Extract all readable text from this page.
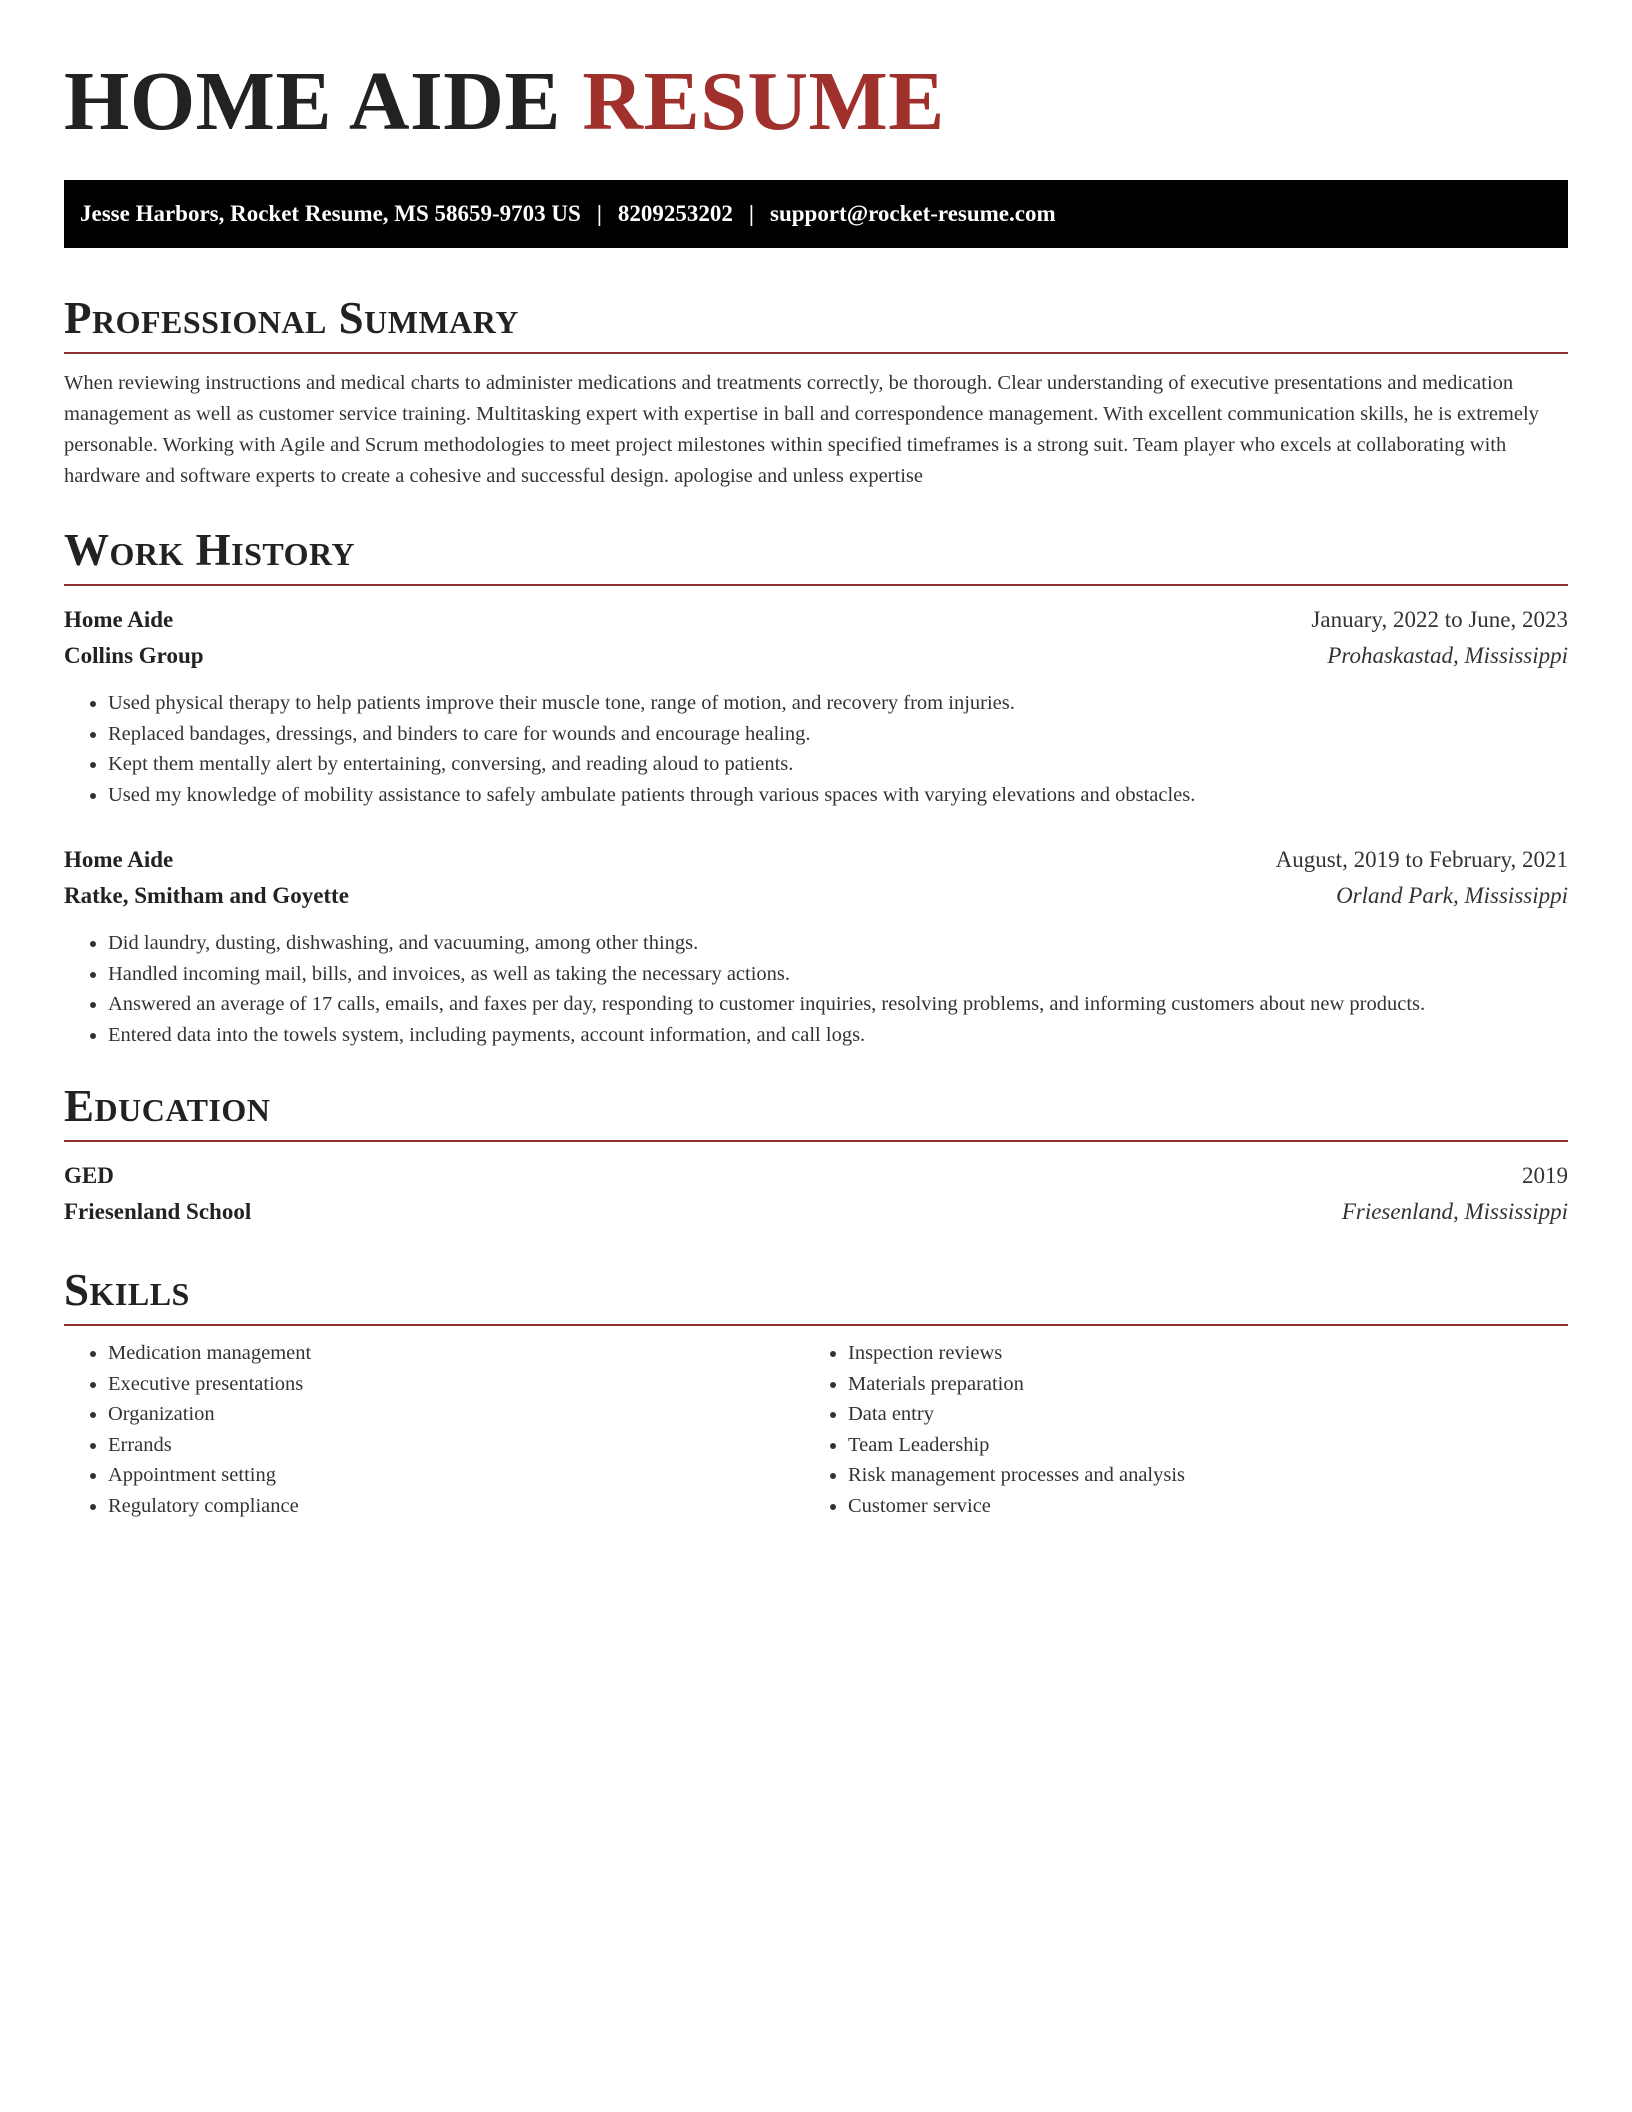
HOME AIDE RESUME
Jesse Harbors, Rocket Resume, MS 58659-9703 US | 8209253202 | support@rocket-resume.com
Professional Summary

When reviewing instructions and medical charts to administer medications and treatments correctly, be thorough. Clear understanding of executive presentations and medication management as well as customer service training. Multitasking expert with expertise in ball and correspondence management. With excellent communication skills, he is extremely personable. Working with Agile and Scrum methodologies to meet project milestones within specified timeframes is a strong suit. Team player who excels at collaborating with hardware and software experts to create a cohesive and successful design. apologise and unless expertise

Work History
Home Aide	January, 2022 to June, 2023
Collins Group	Prohaskastad, Mississippi
• Used physical therapy to help patients improve their muscle tone, range of motion, and recovery from injuries.
• Replaced bandages, dressings, and binders to care for wounds and encourage healing.
• Kept them mentally alert by entertaining, conversing, and reading aloud to patients.
• Used my knowledge of mobility assistance to safely ambulate patients through various spaces with varying elevations and obstacles.
Home Aide	August, 2019 to February, 2021
Ratke, Smitham and Goyette	Orland Park, Mississippi
• Did laundry, dusting, dishwashing, and vacuuming, among other things.
• Handled incoming mail, bills, and invoices, as well as taking the necessary actions.
• Answered an average of 17 calls, emails, and faxes per day, responding to customer inquiries, resolving problems, and informing customers about new products.
• Entered data into the towels system, including payments, account information, and call logs.
Education
GED	2019
Friesenland School	Friesenland, Mississippi
Skills
• Medication management
• Executive presentations
• Organization
• Errands
• Appointment setting
• Regulatory compliance
• Inspection reviews
• Materials preparation
• Data entry
• Team Leadership
• Risk management processes and analysis
• Customer service
